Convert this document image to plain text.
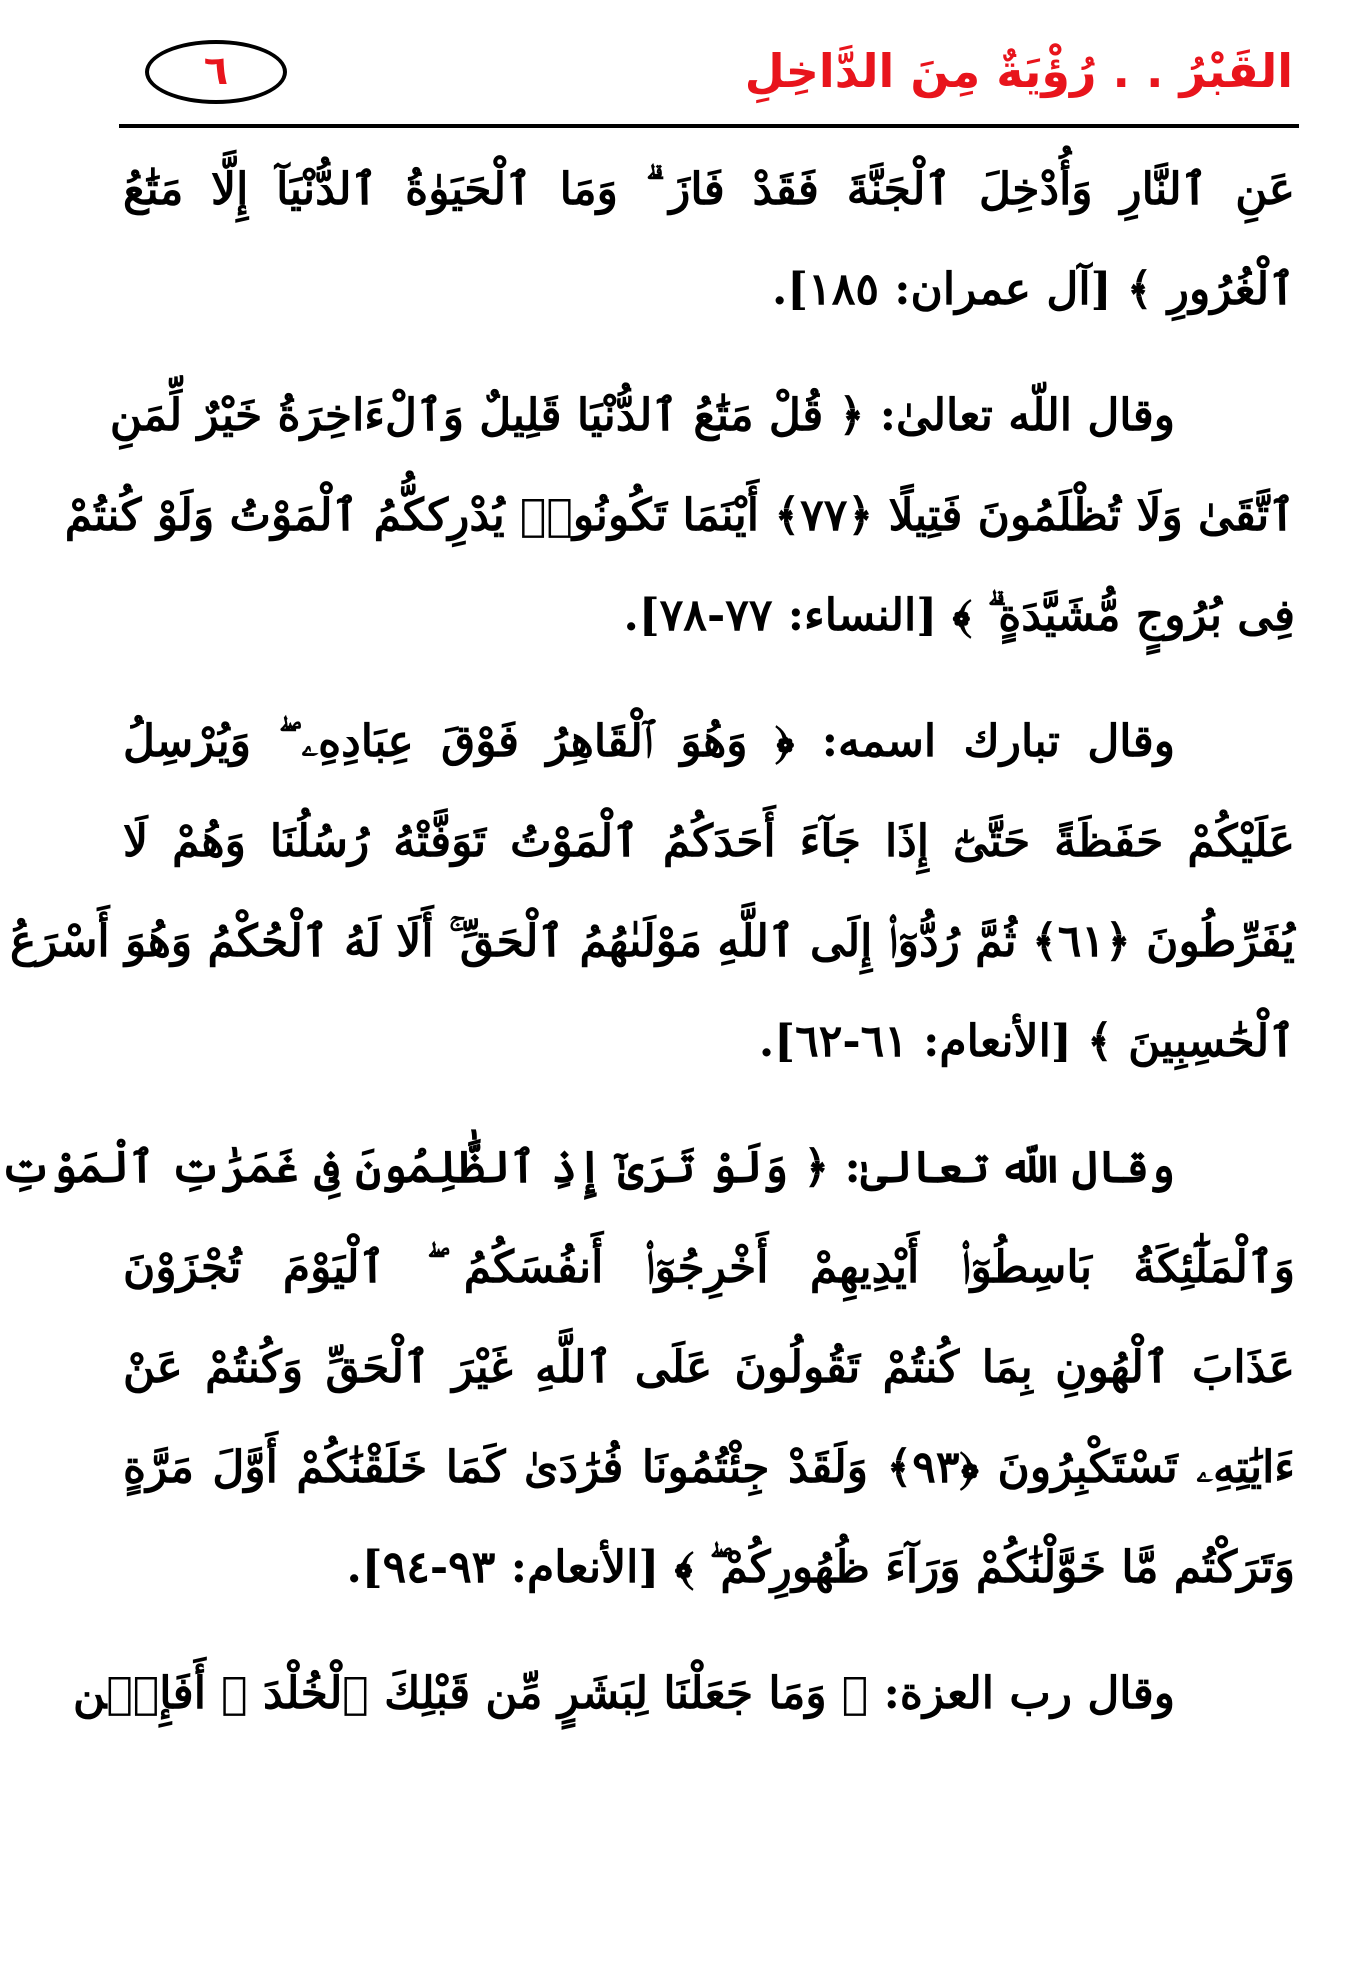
القَبْرُ . . رُؤْيَةٌ مِنَ الدَّاخِلِ
٦
عَنِ ٱلنَّارِ وَأُدْخِلَ ٱلْجَنَّةَ فَقَدْ فَازَ ۗ وَمَا ٱلْحَيَوٰةُ ٱلدُّنْيَآ إِلَّا مَتَٰعُ
ٱلْغُرُورِ ﴾ [آل عمران: ١٨٥].
وقال اللّه تعالىٰ: ﴿ قُلْ مَتَٰعُ ٱلدُّنْيَا قَلِيلٌ وَٱلْءَاخِرَةُ خَيْرٌ لِّمَنِ
ٱتَّقَىٰ وَلَا تُظْلَمُونَ فَتِيلًا ﴿٧٧﴾ أَيْنَمَا تَكُونُوا۟ يُدْرِككُّمُ ٱلْمَوْتُ وَلَوْ كُنتُمْ
فِى بُرُوجٍ مُّشَيَّدَةٍ ۗ ﴾ [النساء: ٧٧-٧٨].
وقال تبارك اسمه: ﴿ وَهُوَ ٱلْقَاهِرُ فَوْقَ عِبَادِهِۦ ۖ وَيُرْسِلُ
عَلَيْكُمْ حَفَظَةً حَتَّىٰٓ إِذَا جَآءَ أَحَدَكُمُ ٱلْمَوْتُ تَوَفَّتْهُ رُسُلُنَا وَهُمْ لَا
يُفَرِّطُونَ ﴿٦١﴾ ثُمَّ رُدُّوٓا۟ إِلَى ٱللَّهِ مَوْلَىٰهُمُ ٱلْحَقِّ ۚ أَلَا لَهُ ٱلْحُكْمُ وَهُوَ أَسْرَعُ
ٱلْحَٰسِبِينَ ﴾ [الأنعام: ٦١-٦٢].
وقال اللّه تعالىٰ: ﴿ وَلَوْ تَرَىٰٓ إِذِ ٱلظَّٰلِمُونَ فِى غَمَرَٰتِ ٱلْمَوْتِ
وَٱلْمَلَٰٓئِكَةُ بَاسِطُوٓا۟ أَيْدِيهِمْ أَخْرِجُوٓا۟ أَنفُسَكُمُ ۖ ٱلْيَوْمَ تُجْزَوْنَ
عَذَابَ ٱلْهُونِ بِمَا كُنتُمْ تَقُولُونَ عَلَى ٱللَّهِ غَيْرَ ٱلْحَقِّ وَكُنتُمْ عَنْ
ءَايَٰتِهِۦ تَسْتَكْبِرُونَ ﴿٩٣﴾ وَلَقَدْ جِئْتُمُونَا فُرَٰدَىٰ كَمَا خَلَقْنَٰكُمْ أَوَّلَ مَرَّةٍ
وَتَرَكْتُم مَّا خَوَّلْنَٰكُمْ وَرَآءَ ظُهُورِكُمْ ۖ ﴾ [الأنعام: ٩٣-٩٤].
وقال رب العزة: ﴿ وَمَا جَعَلْنَا لِبَشَرٍ مِّن قَبْلِكَ ٱلْخُلْدَ ۖ أَفَإِي۟ن
